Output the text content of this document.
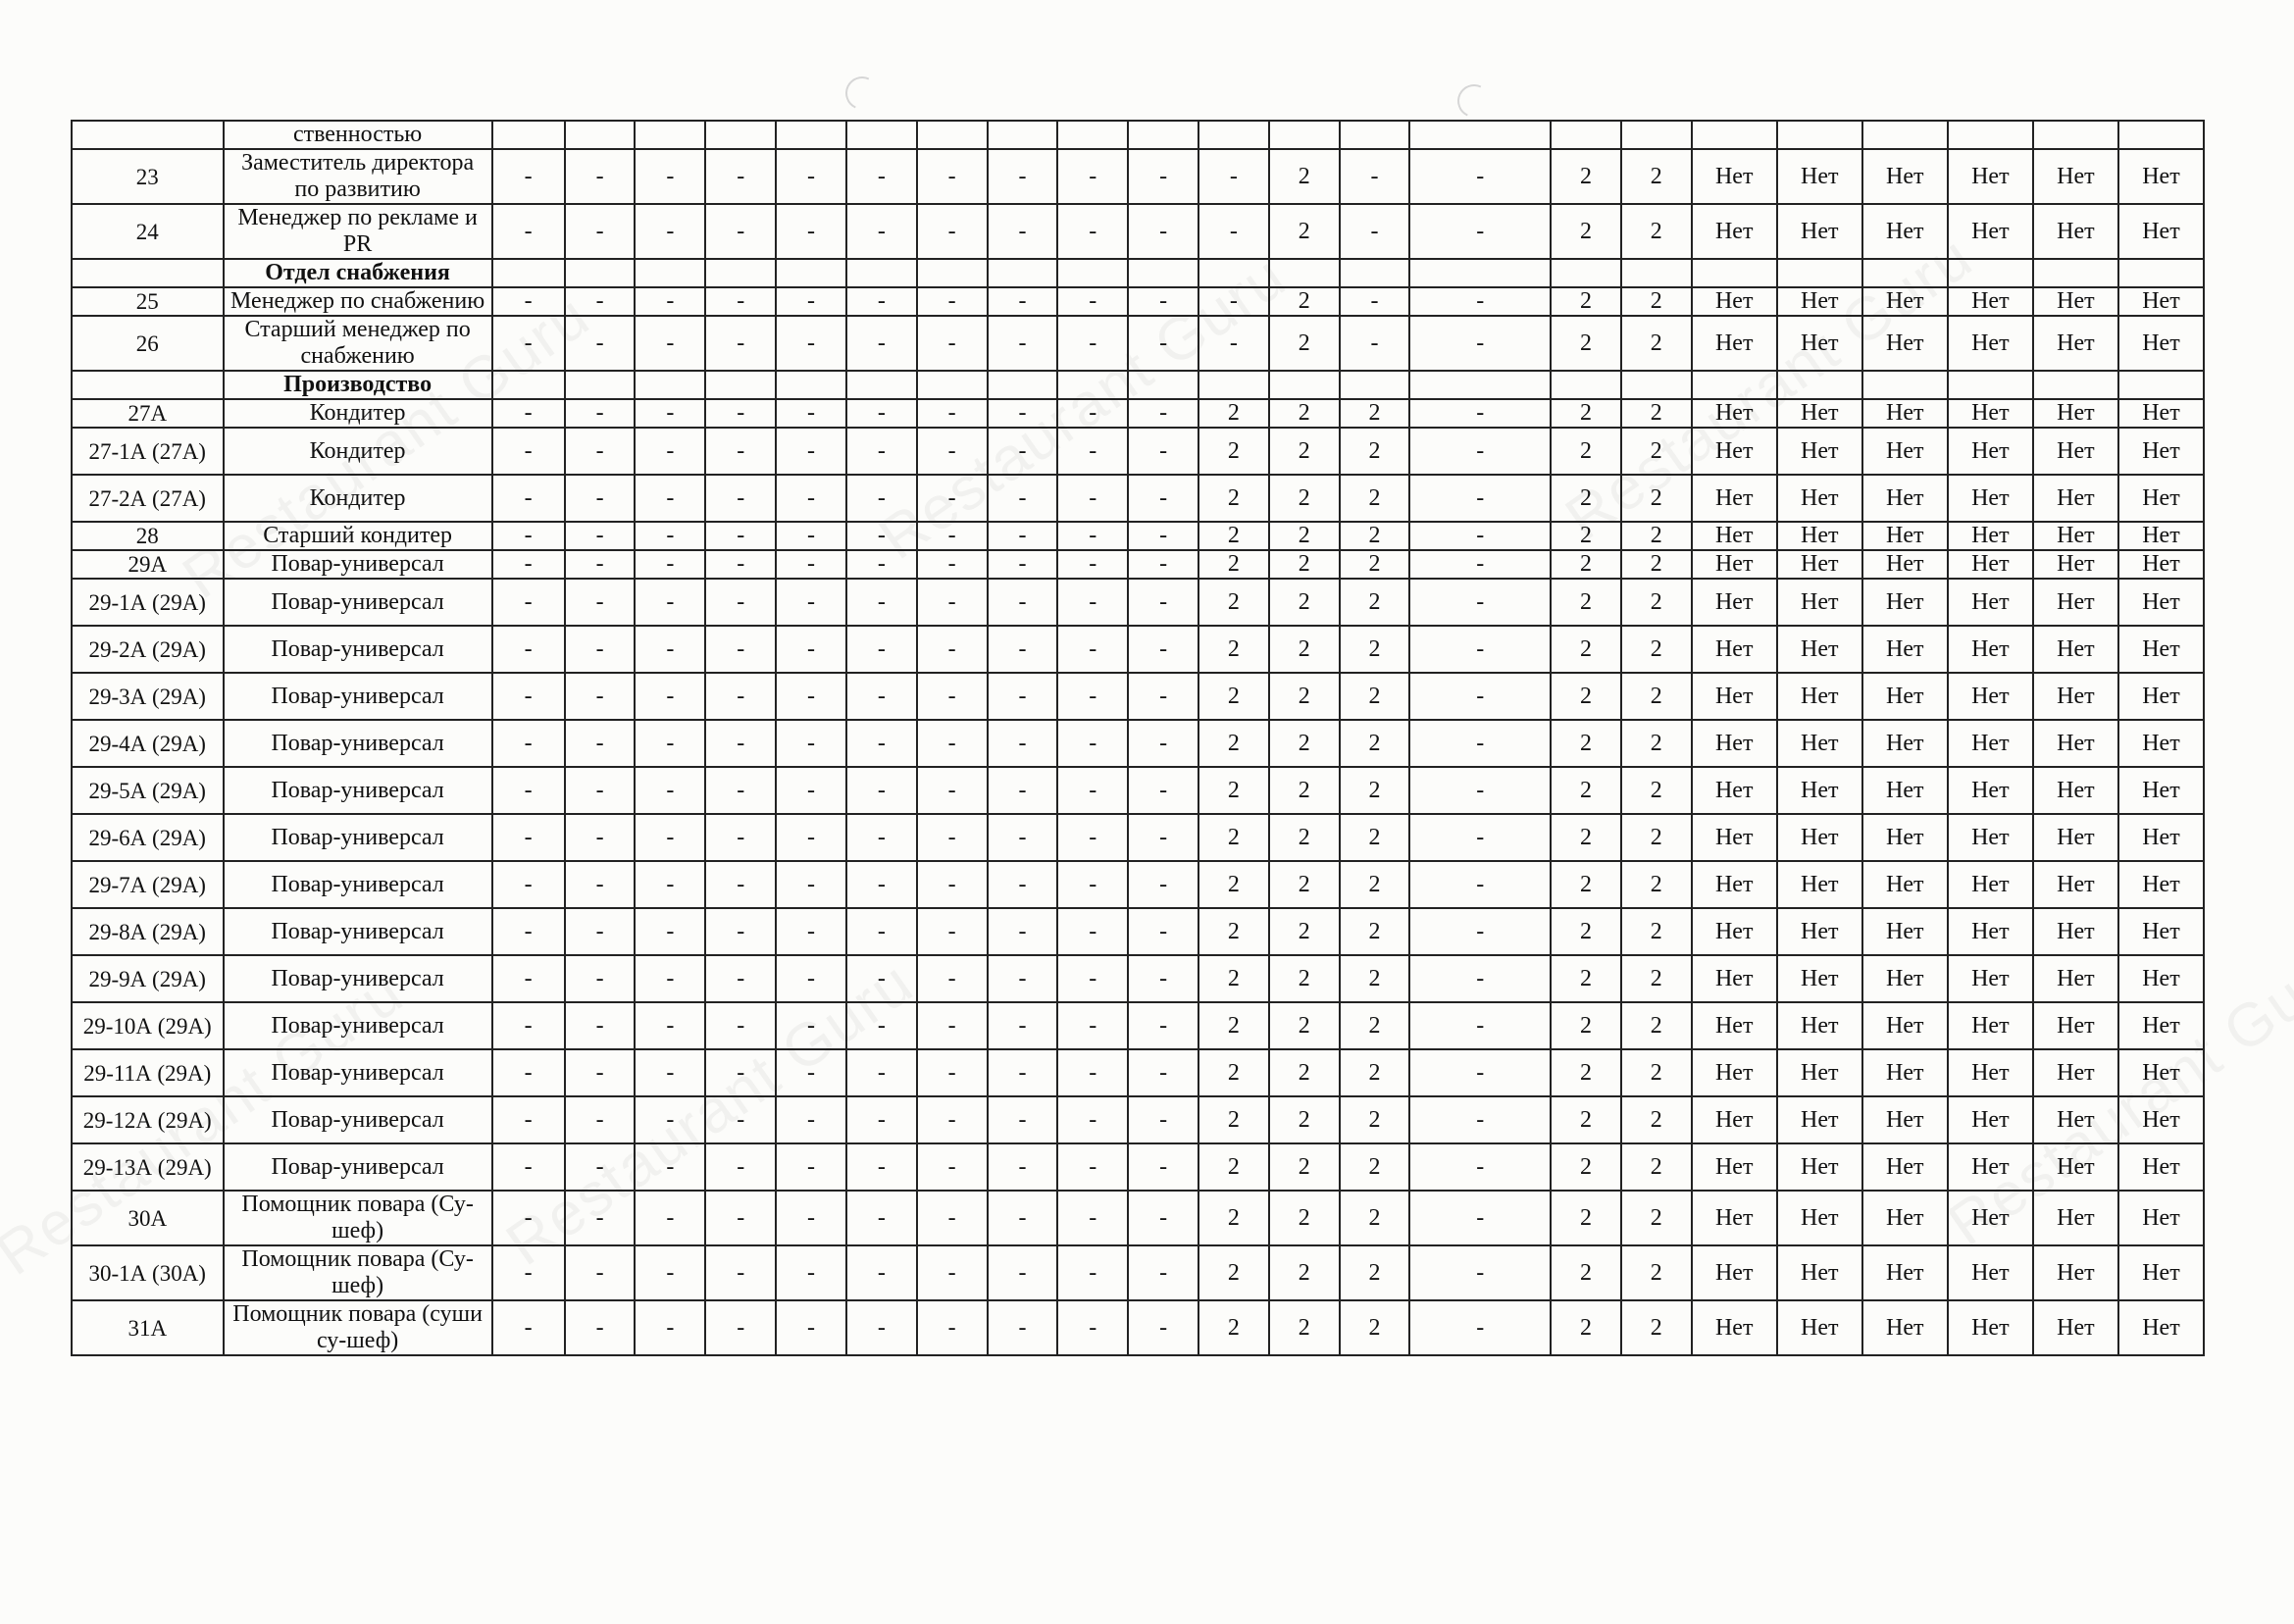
	ственностью																						
23	Заместитель директора по развитию	-	-	-	-	-	-	-	-	-	-	-	2	-	-	2	2	Нет	Нет	Нет	Нет	Нет	Нет
24	Менеджер по рекламе и PR	-	-	-	-	-	-	-	-	-	-	-	2	-	-	2	2	Нет	Нет	Нет	Нет	Нет	Нет
	Отдел снабжения																						
25	Менеджер по снабжению	-	-	-	-	-	-	-	-	-	-	-	2	-	-	2	2	Нет	Нет	Нет	Нет	Нет	Нет
26	Старший менеджер по снабжению	-	-	-	-	-	-	-	-	-	-	-	2	-	-	2	2	Нет	Нет	Нет	Нет	Нет	Нет
	Производство																						
27А	Кондитер	-	-	-	-	-	-	-	-	-	-	2	2	2	-	2	2	Нет	Нет	Нет	Нет	Нет	Нет
27-1А (27А)	Кондитер	-	-	-	-	-	-	-	-	-	-	2	2	2	-	2	2	Нет	Нет	Нет	Нет	Нет	Нет
27-2А (27А)	Кондитер	-	-	-	-	-	-	-	-	-	-	2	2	2	-	2	2	Нет	Нет	Нет	Нет	Нет	Нет
28	Старший кондитер	-	-	-	-	-	-	-	-	-	-	2	2	2	-	2	2	Нет	Нет	Нет	Нет	Нет	Нет
29А	Повар-универсал	-	-	-	-	-	-	-	-	-	-	2	2	2	-	2	2	Нет	Нет	Нет	Нет	Нет	Нет
29-1А (29А)	Повар-универсал	-	-	-	-	-	-	-	-	-	-	2	2	2	-	2	2	Нет	Нет	Нет	Нет	Нет	Нет
29-2А (29А)	Повар-универсал	-	-	-	-	-	-	-	-	-	-	2	2	2	-	2	2	Нет	Нет	Нет	Нет	Нет	Нет
29-3А (29А)	Повар-универсал	-	-	-	-	-	-	-	-	-	-	2	2	2	-	2	2	Нет	Нет	Нет	Нет	Нет	Нет
29-4А (29А)	Повар-универсал	-	-	-	-	-	-	-	-	-	-	2	2	2	-	2	2	Нет	Нет	Нет	Нет	Нет	Нет
29-5А (29А)	Повар-универсал	-	-	-	-	-	-	-	-	-	-	2	2	2	-	2	2	Нет	Нет	Нет	Нет	Нет	Нет
29-6А (29А)	Повар-универсал	-	-	-	-	-	-	-	-	-	-	2	2	2	-	2	2	Нет	Нет	Нет	Нет	Нет	Нет
29-7А (29А)	Повар-универсал	-	-	-	-	-	-	-	-	-	-	2	2	2	-	2	2	Нет	Нет	Нет	Нет	Нет	Нет
29-8А (29А)	Повар-универсал	-	-	-	-	-	-	-	-	-	-	2	2	2	-	2	2	Нет	Нет	Нет	Нет	Нет	Нет
29-9А (29А)	Повар-универсал	-	-	-	-	-	-	-	-	-	-	2	2	2	-	2	2	Нет	Нет	Нет	Нет	Нет	Нет
29-10А (29А)	Повар-универсал	-	-	-	-	-	-	-	-	-	-	2	2	2	-	2	2	Нет	Нет	Нет	Нет	Нет	Нет
29-11А (29А)	Повар-универсал	-	-	-	-	-	-	-	-	-	-	2	2	2	-	2	2	Нет	Нет	Нет	Нет	Нет	Нет
29-12А (29А)	Повар-универсал	-	-	-	-	-	-	-	-	-	-	2	2	2	-	2	2	Нет	Нет	Нет	Нет	Нет	Нет
29-13А (29А)	Повар-универсал	-	-	-	-	-	-	-	-	-	-	2	2	2	-	2	2	Нет	Нет	Нет	Нет	Нет	Нет
30А	Помощник повара (Су-шеф)	-	-	-	-	-	-	-	-	-	-	2	2	2	-	2	2	Нет	Нет	Нет	Нет	Нет	Нет
30-1А (30А)	Помощник повара (Су-шеф)	-	-	-	-	-	-	-	-	-	-	2	2	2	-	2	2	Нет	Нет	Нет	Нет	Нет	Нет
31А	Помощник повара (суши су-шеф)	-	-	-	-	-	-	-	-	-	-	2	2	2	-	2	2	Нет	Нет	Нет	Нет	Нет	Нет
